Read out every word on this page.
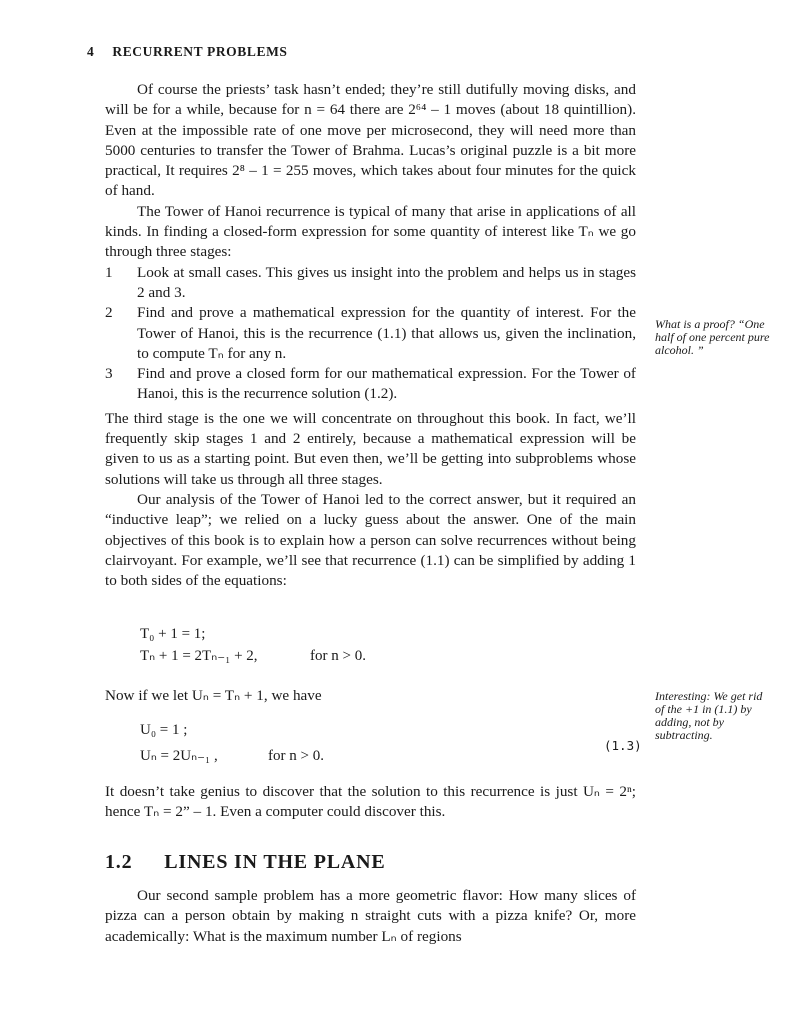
4 RECURRENT PROBLEMS

Of course the priests’ task hasn’t ended; they’re still dutifully moving disks, and will be for a while, because for n = 64 there are 2⁶⁴ – 1 moves (about 18 quintillion). Even at the impossible rate of one move per microsecond, they will need more than 5000 centuries to transfer the Tower of Brahma. Lucas’s original puzzle is a bit more practical, It requires 2⁸ – 1 = 255 moves, which takes about four minutes for the quick of hand.

The Tower of Hanoi recurrence is typical of many that arise in applications of all kinds. In finding a closed-form expression for some quantity of interest like Tₙ we go through three stages:

1 Look at small cases. This gives us insight into the problem and helps us in stages 2 and 3.
2 Find and prove a mathematical expression for the quantity of interest. For the Tower of Hanoi, this is the recurrence (1.1) that allows us, given the inclination, to compute Tₙ for any n.
3 Find and prove a closed form for our mathematical expression. For the Tower of Hanoi, this is the recurrence solution (1.2).

The third stage is the one we will concentrate on throughout this book. In fact, we’ll frequently skip stages 1 and 2 entirely, because a mathematical expression will be given to us as a starting point. But even then, we’ll be getting into subproblems whose solutions will take us through all three stages.

Our analysis of the Tower of Hanoi led to the correct answer, but it required an “inductive leap”; we relied on a lucky guess about the answer. One of the main objectives of this book is to explain how a person can solve recurrences without being clairvoyant. For example, we’ll see that recurrence (1.1) can be simplified by adding 1 to both sides of the equations:

T₀ + 1 = 1;
Tₙ + 1 = 2Tₙ₋₁ + 2,	for n > 0.

Now if we let Uₙ = Tₙ + 1, we have

U₀ = 1 ;
Uₙ = 2Uₙ₋₁ ,	for n > 0.
(1.3)

It doesn’t take genius to discover that the solution to this recurrence is just Uₙ = 2ⁿ; hence Tₙ = 2” – 1. Even a computer could discover this.

1.2 LINES IN THE PLANE

Our second sample problem has a more geometric flavor: How many slices of pizza can a person obtain by making n straight cuts with a pizza knife? Or, more academically: What is the maximum number Lₙ of regions

What is a proof? “One half of one percent pure alcohol. ”
Interesting: We get rid of the +1 in (1.1) by adding, not by subtracting.
